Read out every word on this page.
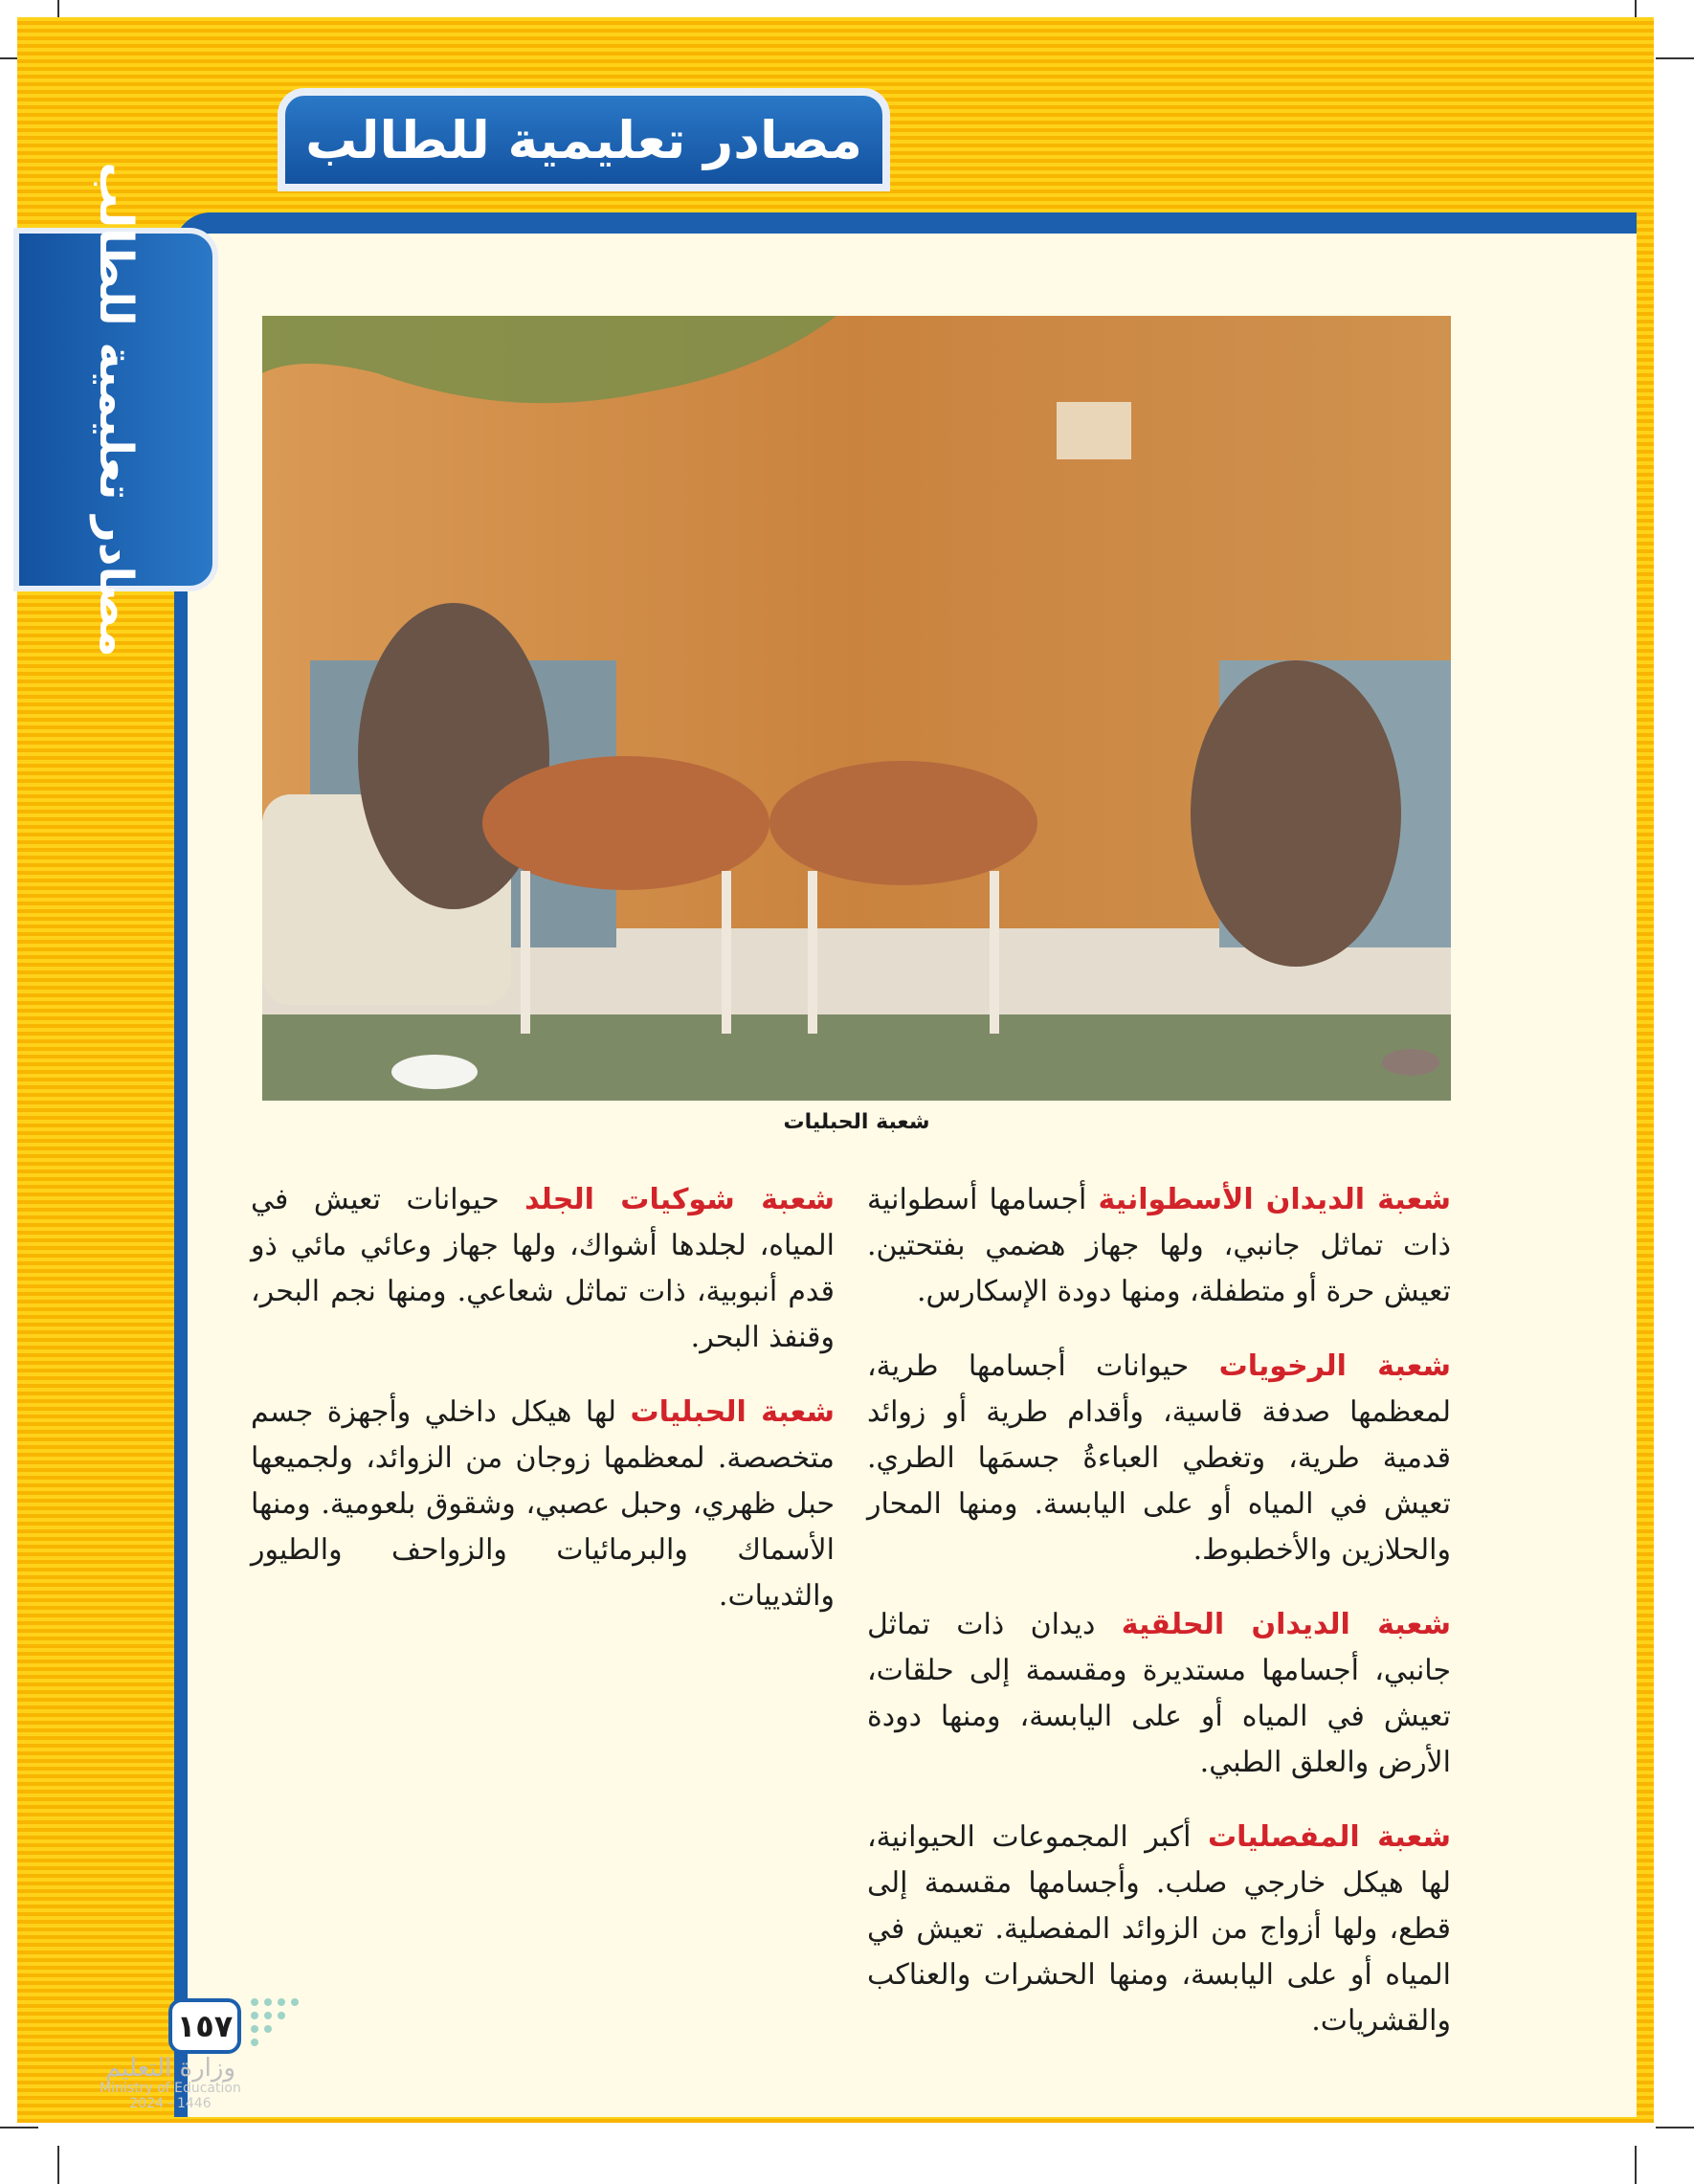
مصادر تعليمية للطالب
مصادر تعليمية للطالب
شعبة الحبليات

شعبة الديدان الأسطوانية أجسامها أسطوانية ذات تماثل جانبي، ولها جهاز هضمي بفتحتين. تعيش حرة أو متطفلة، ومنها دودة الإسكارس.

شعبة الرخويات حيوانات أجسامها طرية، لمعظمها صدفة قاسية، وأقدام طرية أو زوائد قدمية طرية، وتغطي العباءةُ جسمَها الطري. تعيش في المياه أو على اليابسة. ومنها المحار والحلازين والأخطبوط.

شعبة الديدان الحلقية ديدان ذات تماثل جانبي، أجسامها مستديرة ومقسمة إلى حلقات، تعيش في المياه أو على اليابسة، ومنها دودة الأرض والعلق الطبي.

شعبة المفصليات أكبر المجموعات الحيوانية، لها هيكل خارجي صلب. وأجسامها مقسمة إلى قطع، ولها أزواج من الزوائد المفصلية. تعيش في المياه أو على اليابسة، ومنها الحشرات والعناكب والقشريات.

شعبة شوكيات الجلد حيوانات تعيش في المياه، لجلدها أشواك، ولها جهاز وعائي مائي ذو قدم أنبوبية، ذات تماثل شعاعي. ومنها نجم البحر، وقنفذ البحر.

شعبة الحبليات لها هيكل داخلي وأجهزة جسم متخصصة. لمعظمها زوجان من الزوائد، ولجميعها حبل ظهري، وحبل عصبي، وشقوق بلعومية. ومنها الأسماك والبرمائيات والزواحف والطيور والثدييات.

١٥٧
وزارة التعليم
Ministry of Education
2024 - 1446
